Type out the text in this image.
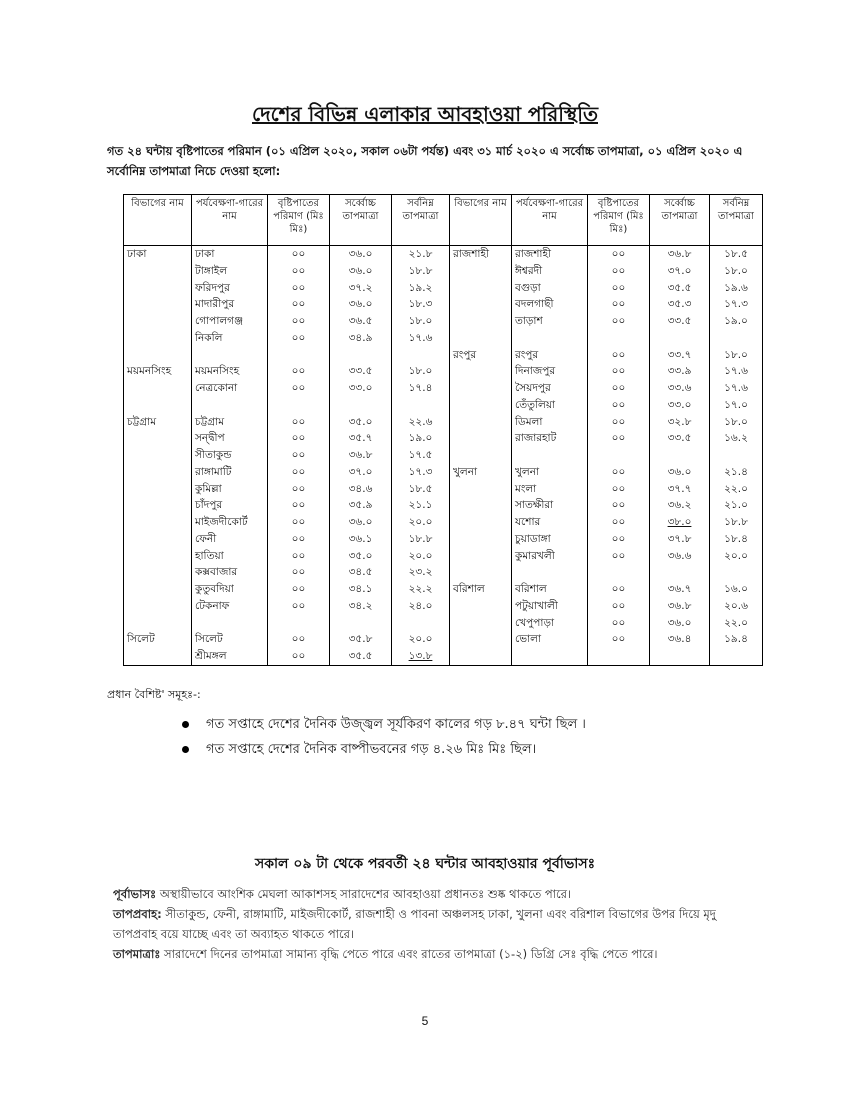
দেশের বিভিন্ন এলাকার আবহাওয়া পরিস্থিতি
গত ২৪ ঘন্টায় বৃষ্টিপাতের পরিমান (০১ এপ্রিল ২০২০, সকাল ০৬টা পর্যন্ত) এবং ৩১ মার্চ ২০২০ এ সর্বোচ্চ তাপমাত্রা, ০১ এপ্রিল ২০২০ এ সর্বোনিম্ন তাপমাত্রা নিচে দেওয়া হলো:
বিভাগের নাম	পর্যবেক্ষণা-গারের নাম	বৃষ্টিপাতের পরিমাণ (মিঃ মিঃ)	সর্ব্বোচ্চ তাপমাত্রা	সর্বনিম্ন তাপমাত্রা	বিভাগের নাম	পর্যবেক্ষণা-গারের নাম	বৃষ্টিপাতের পরিমাণ (মিঃ মিঃ)	সর্ব্বোচ্চ তাপমাত্রা	সর্বনিম্ন তাপমাত্রা
ঢাকা	ঢাকা	০০	৩৬.০	২১.৮	রাজশাহী	রাজশাহী	০০	৩৬.৮	১৮.৫
	টাঙ্গাইল	০০	৩৬.০	১৮.৮		ঈশ্বরদী	০০	৩৭.০	১৮.০
	ফরিদপুর	০০	৩৭.২	১৯.২		বগুড়া	০০	৩৫.৫	১৯.৬
	মাদারীপুর	০০	৩৬.০	১৮.৩		বদলগাছী	০০	৩৫.৩	১৭.৩
	গোপালগঞ্জ	০০	৩৬.৫	১৮.০		তাড়াশ	০০	৩৩.৫	১৯.০
	নিকলি	০০	৩৪.৯	১৭.৬					
					রংপুর	রংপুর	০০	৩৩.৭	১৮.০
ময়মনসিংহ	ময়মনসিংহ	০০	৩৩.৫	১৮.০		দিনাজপুর	০০	৩৩.৯	১৭.৬
	নেত্রকোনা	০০	৩৩.০	১৭.৪		সৈয়দপুর	০০	৩৩.৬	১৭.৬
						তেঁতুলিয়া	০০	৩৩.০	১৭.০
চট্টগ্রাম	চট্টগ্রাম	০০	৩৫.০	২২.৬		ডিমলা	০০	৩২.৮	১৮.০
	সন্দ্বীপ	০০	৩৫.৭	১৯.০		রাজারহাট	০০	৩৩.৫	১৬.২
	সীতাকুন্ড	০০	৩৬.৮	১৭.৫					
	রাঙ্গামাটি	০০	৩৭.০	১৭.৩	খুলনা	খুলনা	০০	৩৬.০	২১.৪
	কুমিল্লা	০০	৩৪.৬	১৮.৫		মংলা	০০	৩৭.৭	২২.০
	চাঁদপুর	০০	৩৫.৯	২১.১		সাতক্ষীরা	০০	৩৬.২	২১.০
	মাইজদীকোর্ট	০০	৩৬.০	২০.০		যশোর	০০	৩৮.০	১৮.৮
	ফেনী	০০	৩৬.১	১৮.৮		চুয়াডাঙ্গা	০০	৩৭.৮	১৮.৪
	হাতিয়া	০০	৩৫.০	২০.০		কুমারখলী	০০	৩৬.৬	২০.০
	কক্সবাজার	০০	৩৪.৫	২৩.২					
	কুতুবদিয়া	০০	৩৪.১	২২.২	বরিশাল	বরিশাল	০০	৩৬.৭	১৬.০
	টেকনাফ	০০	৩৪.২	২৪.০		পটুয়াখালী	০০	৩৬.৮	২০.৬
						খেপুপাড়া	০০	৩৬.০	২২.০
সিলেট	সিলেট	০০	৩৫.৮	২০.০		ভোলা	০০	৩৬.৪	১৯.৪
	শ্রীমঙ্গল	০০	৩৫.৫	১৩.৮					
প্রধান বৈশিষ্ট' সমূহঃ-:
গত সপ্তাহে দেশের দৈনিক উজ্জ্বল সূর্যকিরণ কালের গড় ৮.৪৭ ঘন্টা ছিল ।
গত সপ্তাহে দেশের দৈনিক বাষ্পীভবনের গড় ৪.২৬ মিঃ মিঃ ছিল।
সকাল ০৯ টা থেকে পরবর্তী ২৪ ঘন্টার আবহাওয়ার পূর্বাভাসঃ

পূর্বাভাসঃ অস্থায়ীভাবে আংশিক মেঘলা আকাশসহ সারাদেশের আবহাওয়া প্রধানতঃ শুষ্ক থাকতে পারে।

তাপপ্রবাহ: সীতাকুন্ড, ফেনী, রাঙ্গামাটি, মাইজদীকোর্ট, রাজশাহী ও পাবনা অঞ্চলসহ ঢাকা, খুলনা এবং বরিশাল বিভাগের উপর দিয়ে মৃদু তাপপ্রবাহ বয়ে যাচ্ছে এবং তা অব্যাহত থাকতে পারে।

তাপমাত্রাঃ সারাদেশে দিনের তাপমাত্রা সামান্য বৃদ্ধি পেতে পারে এবং রাতের তাপমাত্রা (১-২) ডিগ্রি সেঃ বৃদ্ধি পেতে পারে।

5
